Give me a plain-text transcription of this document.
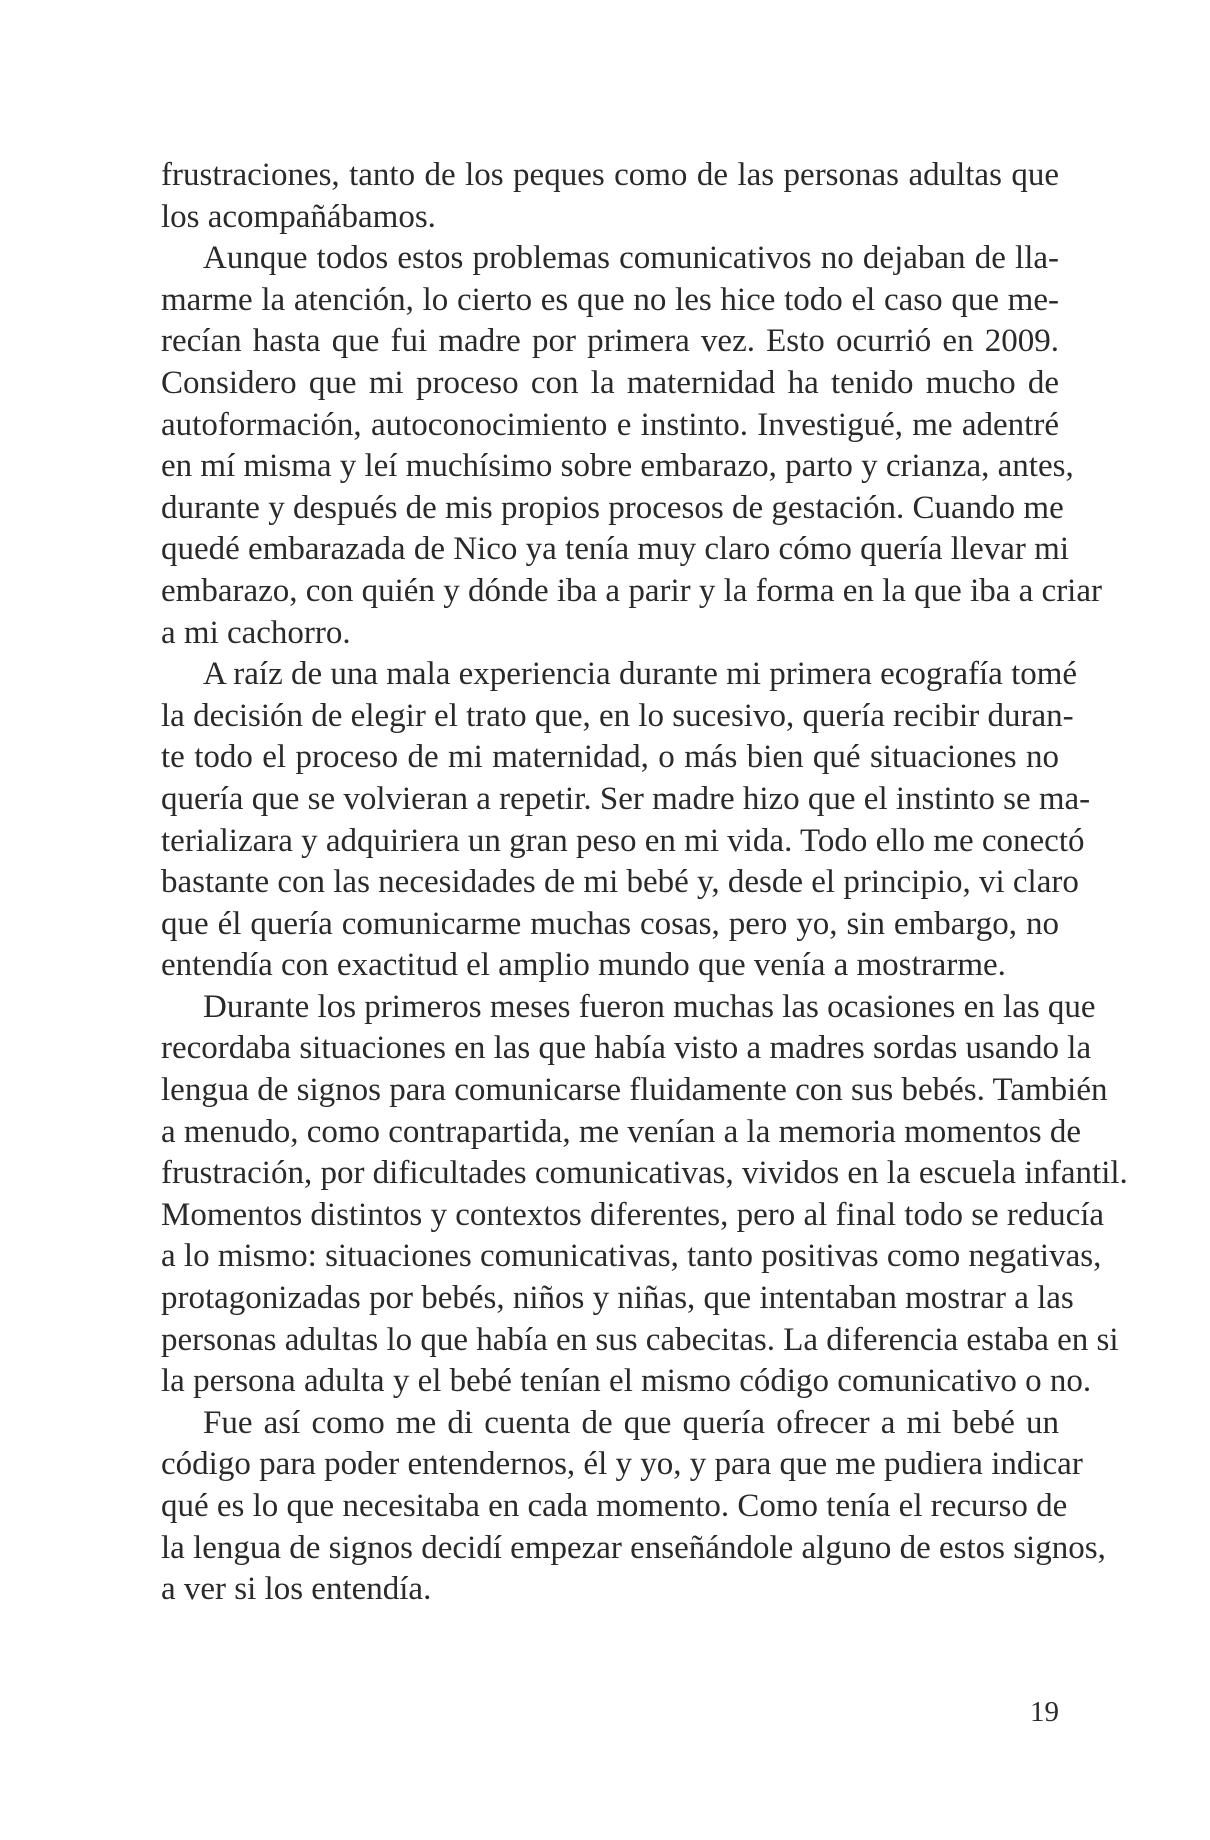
frustraciones, tanto de los peques como de las personas adultas que
los acompañábamos.
Aunque todos estos problemas comunicativos no dejaban de lla-
marme la atención, lo cierto es que no les hice todo el caso que me-
recían hasta que fui madre por primera vez. Esto ocurrió en 2009.
Considero que mi proceso con la maternidad ha tenido mucho de
autoformación, autoconocimiento e instinto. Investigué, me adentré
en mí misma y leí muchísimo sobre embarazo, parto y crianza, antes,
durante y después de mis propios procesos de gestación. Cuando me
quedé embarazada de Nico ya tenía muy claro cómo quería llevar mi
embarazo, con quién y dónde iba a parir y la forma en la que iba a criar
a mi cachorro.
A raíz de una mala experiencia durante mi primera ecografía tomé
la decisión de elegir el trato que, en lo sucesivo, quería recibir duran-
te todo el proceso de mi maternidad, o más bien qué situaciones no
quería que se volvieran a repetir. Ser madre hizo que el instinto se ma-
terializara y adquiriera un gran peso en mi vida. Todo ello me conectó
bastante con las necesidades de mi bebé y, desde el principio, vi claro
que él quería comunicarme muchas cosas, pero yo, sin embargo, no
entendía con exactitud el amplio mundo que venía a mostrarme.
Durante los primeros meses fueron muchas las ocasiones en las que
recordaba situaciones en las que había visto a madres sordas usando la
lengua de signos para comunicarse fluidamente con sus bebés. También
a menudo, como contrapartida, me venían a la memoria momentos de
frustración, por dificultades comunicativas, vividos en la escuela infantil.
Momentos distintos y contextos diferentes, pero al final todo se reducía
a lo mismo: situaciones comunicativas, tanto positivas como negativas,
protagonizadas por bebés, niños y niñas, que intentaban mostrar a las
personas adultas lo que había en sus cabecitas. La diferencia estaba en si
la persona adulta y el bebé tenían el mismo código comunicativo o no.
Fue así como me di cuenta de que quería ofrecer a mi bebé un
código para poder entendernos, él y yo, y para que me pudiera indicar
qué es lo que necesitaba en cada momento. Como tenía el recurso de
la lengua de signos decidí empezar enseñándole alguno de estos signos,
a ver si los entendía.
19
